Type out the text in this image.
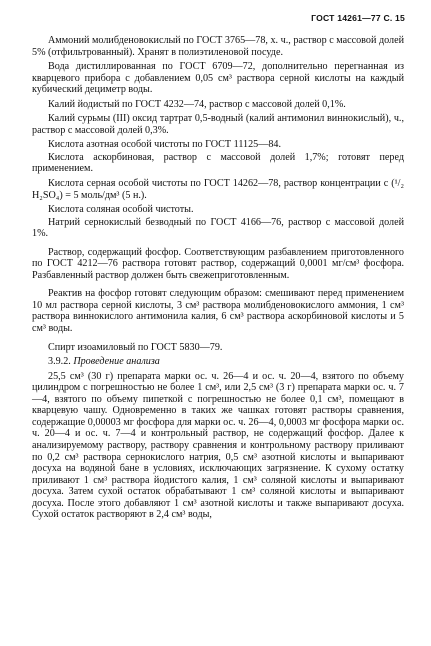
ГОСТ 14261—77 С. 15

Аммоний молибденовокислый по ГОСТ 3765—78, х. ч., раствор с массовой долей 5% (отфильтрованный). Хранят в полиэтиленовой посуде.

Вода дистиллированная по ГОСТ 6709—72, дополнительно перегнанная из кварцевого прибора с добавлением 0,05 см³ раствора серной кислоты на каждый кубический дециметр воды.

Калий йодистый по ГОСТ 4232—74, раствор с массовой долей 0,1%.

Калий сурьмы (III) оксид тартрат 0,5-водный (калий антимонил виннокислый), ч., раствор с массовой долей 0,3%.

Кислота азотная особой чистоты по ГОСТ 11125—84.

Кислота аскорбиновая, раствор с массовой долей 1,7%; готовят перед применением.

Кислота серная особой чистоты по ГОСТ 14262—78, раствор концентрации c (¹/₂ H₂SO₄) = 5 моль/дм³ (5 н.).

Кислота соляная особой чистоты.

Натрий сернокислый безводный по ГОСТ 4166—76, раствор с массовой долей 1%.

Раствор, содержащий фосфор. Соответствующим разбавлением приготовленного по ГОСТ 4212—76 раствора готовят раствор, содержащий 0,0001 мг/см³ фосфора. Разбавленный раствор должен быть свежеприготовленным.

Реактив на фосфор готовят следующим образом: смешивают перед применением 10 мл раствора серной кислоты, 3 см³ раствора молибденовокислого аммония, 1 см³ раствора виннокислого антимонила калия, 6 см³ раствора аскорбиновой кислоты и 5 см³ воды.

Спирт изоамиловый по ГОСТ 5830—79.

3.9.2. Проведение анализа

25,5 см³ (30 г) препарата марки ос. ч. 26—4 и ос. ч. 20—4, взятого по объему цилиндром с погрешностью не более 1 см³, или 2,5 см³ (3 г) препарата марки ос. ч. 7—4, взятого по объему пипеткой с погрешностью не более 0,1 см³, помещают в кварцевую чашу. Одновременно в таких же чашках готовят растворы сравнения, содержащие 0,00003 мг фосфора для марки ос. ч. 26—4, 0,0003 мг фосфора марки ос. ч. 20—4 и ос. ч. 7—4 и контрольный раствор, не содержащий фосфор. Далее к анализируемому раствору, раствору сравнения и контрольному раствору приливают по 0,2 см³ раствора сернокислого натрия, 0,5 см³ азотной кислоты и выпаривают досуха на водяной бане в условиях, исключающих загрязнение. К сухому остатку приливают 1 см³ раствора йодистого калия, 1 см³ соляной кислоты и выпаривают досуха. Затем сухой остаток обрабатывают 1 см³ соляной кислоты и выпаривают досуха. После этого добавляют 1 см³ азотной кислоты и также выпаривают досуха. Сухой остаток растворяют в 2,4 см³ воды,
